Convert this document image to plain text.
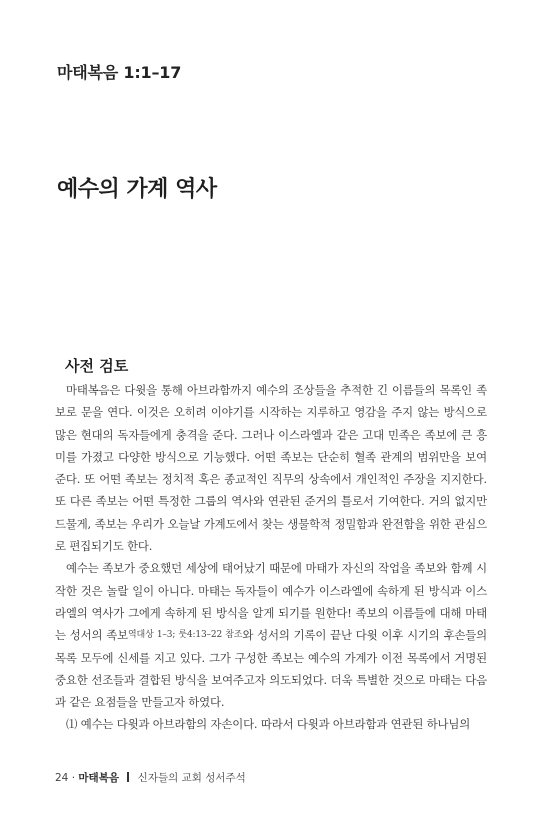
마태복음 1:1–17
예수의 가계 역사
사전 검토

마태복음은 다윗을 통해 아브라함까지 예수의 조상들을 추적한 긴 이름들의 목록인 족보로 문을 연다. 이것은 오히려 이야기를 시작하는 지루하고 영감을 주지 않는 방식으로 많은 현대의 독자들에게 충격을 준다. 그러나 이스라엘과 같은 고대 민족은 족보에 큰 흥미를 가졌고 다양한 방식으로 기능했다. 어떤 족보는 단순히 혈족 관계의 범위만을 보여준다. 또 어떤 족보는 정치적 혹은 종교적인 직무의 상속에서 개인적인 주장을 지지한다. 또 다른 족보는 어떤 특정한 그룹의 역사와 연관된 준거의 틀로서 기여한다. 거의 없지만 드물게, 족보는 우리가 오늘날 가계도에서 찾는 생물학적 정밀함과 완전함을 위한 관심으로 편집되기도 한다.

예수는 족보가 중요했던 세상에 태어났기 때문에 마태가 자신의 작업을 족보와 함께 시작한 것은 놀랄 일이 아니다. 마태는 독자들이 예수가 이스라엘에 속하게 된 방식과 이스라엘의 역사가 그에게 속하게 된 방식을 알게 되기를 원한다! 족보의 이름들에 대해 마태는 성서의 족보역대상 1–3; 룻4:13–22 참조와 성서의 기록이 끝난 다윗 이후 시기의 후손들의 목록 모두에 신세를 지고 있다. 그가 구성한 족보는 예수의 가계가 이전 목록에서 거명된 중요한 선조들과 결합된 방식을 보여주고자 의도되었다. 더욱 특별한 것으로 마태는 다음과 같은 요점들을 만들고자 하였다.

⑴ 예수는 다윗과 아브라함의 자손이다. 따라서 다윗과 아브라함과 연관된 하나님의

24 · 마태복음 신자들의 교회 성서주석
